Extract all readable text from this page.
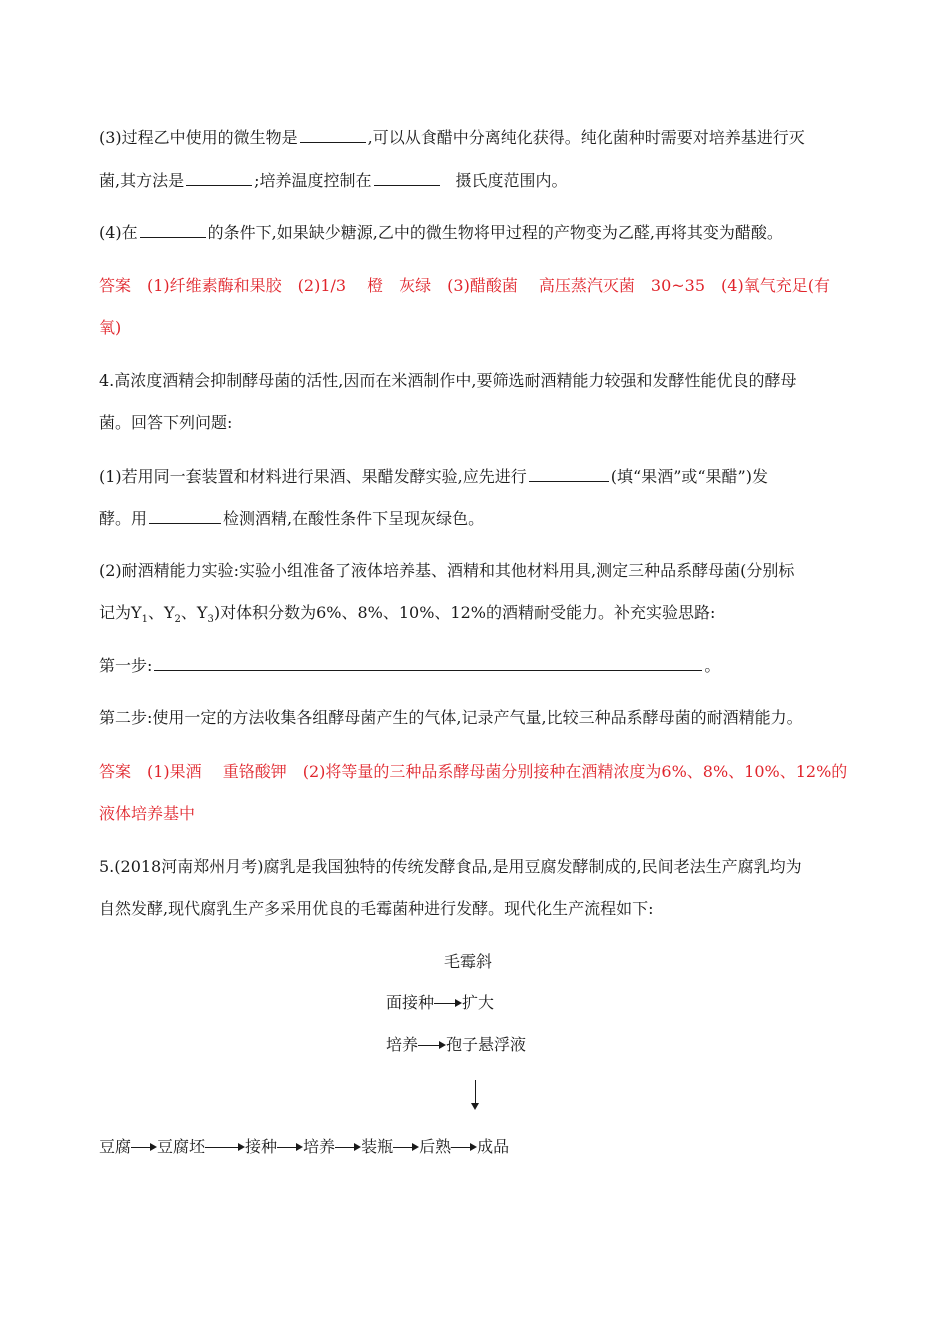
(3)过程乙中使用的微生物是	,可以从食醋中分离纯化获得。纯化菌种时需要对培养基进行灭
菌,其方法是	;培养温度控制在	摄氏度范围内。
(4)在	的条件下,如果缺少糖源,乙中的微生物将甲过程的产物变为乙醛,再将其变为醋酸。
答案　(1)纤维素酶和果胶　(2)1/3　 橙　灰绿　(3)醋酸菌　 高压蒸汽灭菌　30~35　(4)氧气充足(有
氧)
4.高浓度酒精会抑制酵母菌的活性,因而在米酒制作中,要筛选耐酒精能力较强和发酵性能优良的酵母
菌。回答下列问题:
(1)若用同一套装置和材料进行果酒、果醋发酵实验,应先进行	(填“果酒”或“果醋”)发
酵。用	检测酒精,在酸性条件下呈现灰绿色。
(2)耐酒精能力实验:实验小组准备了液体培养基、酒精和其他材料用具,测定三种品系酵母菌(分别标
记为$Y_1$、$Y_2$、$Y_3$)对体积分数为6%、8%、10%、12%的酒精耐受能力。补充实验思路:
第一步:	。
第二步:使用一定的方法收集各组酵母菌产生的气体,记录产气量,比较三种品系酵母菌的耐酒精能力。
答案　(1)果酒　 重铬酸钾　(2)将等量的三种品系酵母菌分别接种在酒精浓度为6%、8%、10%、12%的
液体培养基中
5.(2018河南郑州月考)腐乳是我国独特的传统发酵食品,是用豆腐发酵制成的,民间老法生产腐乳均为
自然发酵,现代腐乳生产多采用优良的毛霉菌种进行发酵。现代化生产流程如下:
毛霉斜
面接种 扩大
培养 孢子悬浮液
豆腐 豆腐坯	接种 培养 装瓶 后熟 成品
